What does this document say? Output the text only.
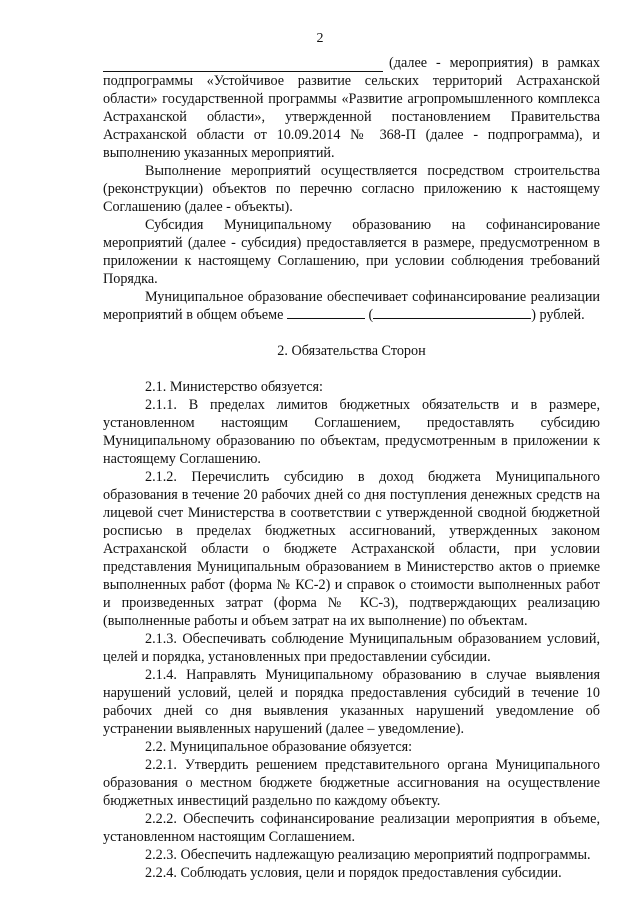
2
(далее - мероприятия) в рамках

подпрограммы «Устойчивое развитие сельских территорий Астраханской области» государственной программы «Развитие агропромышленного комплекса Астраханской области», утвержденной постановлением Правительства Астраханской области от 10.09.2014 № 368-П (далее - подпрограмма), и выполнению указанных мероприятий.

Выполнение мероприятий осуществляется посредством строительства (реконструкции) объектов по перечню согласно приложению к настоящему Соглашению (далее - объекты).

Субсидия Муниципальному образованию на софинансирование мероприятий (далее - субсидия) предоставляется в размере, предусмотренном в приложении к настоящему Соглашению, при условии соблюдения требований Порядка.

Муниципальное образование обеспечивает софинансирование реализации мероприятий в общем объеме	(	) рублей.

2. Обязательства Сторон

2.1. Министерство обязуется:

2.1.1. В пределах лимитов бюджетных обязательств и в размере, установленном настоящим Соглашением, предоставлять субсидию Муниципальному образованию по объектам, предусмотренным в приложении к настоящему Соглашению.

2.1.2. Перечислить субсидию в доход бюджета Муниципального образования в течение 20 рабочих дней со дня поступления денежных средств на лицевой счет Министерства в соответствии с утвержденной сводной бюджетной росписью в пределах бюджетных ассигнований, утвержденных законом Астраханской области о бюджете Астраханской области, при условии представления Муниципальным образованием в Министерство актов о приемке выполненных работ (форма № КС-2) и справок о стоимости выполненных работ и произведенных затрат (форма № КС-3), подтверждающих реализацию (выполненные работы и объем затрат на их выполнение) по объектам.

2.1.3. Обеспечивать соблюдение Муниципальным образованием условий, целей и порядка, установленных при предоставлении субсидии.

2.1.4. Направлять Муниципальному образованию в случае выявления нарушений условий, целей и порядка предоставления субсидий в течение 10 рабочих дней со дня выявления указанных нарушений уведомление об устранении выявленных нарушений (далее – уведомление).

2.2. Муниципальное образование обязуется:

2.2.1. Утвердить решением представительного органа Муниципального образования о местном бюджете бюджетные ассигнования на осуществление бюджетных инвестиций раздельно по каждому объекту.

2.2.2. Обеспечить софинансирование реализации мероприятия в объеме, установленном настоящим Соглашением.

2.2.3. Обеспечить надлежащую реализацию мероприятий подпрограммы.

2.2.4. Соблюдать условия, цели и порядок предоставления субсидии.
